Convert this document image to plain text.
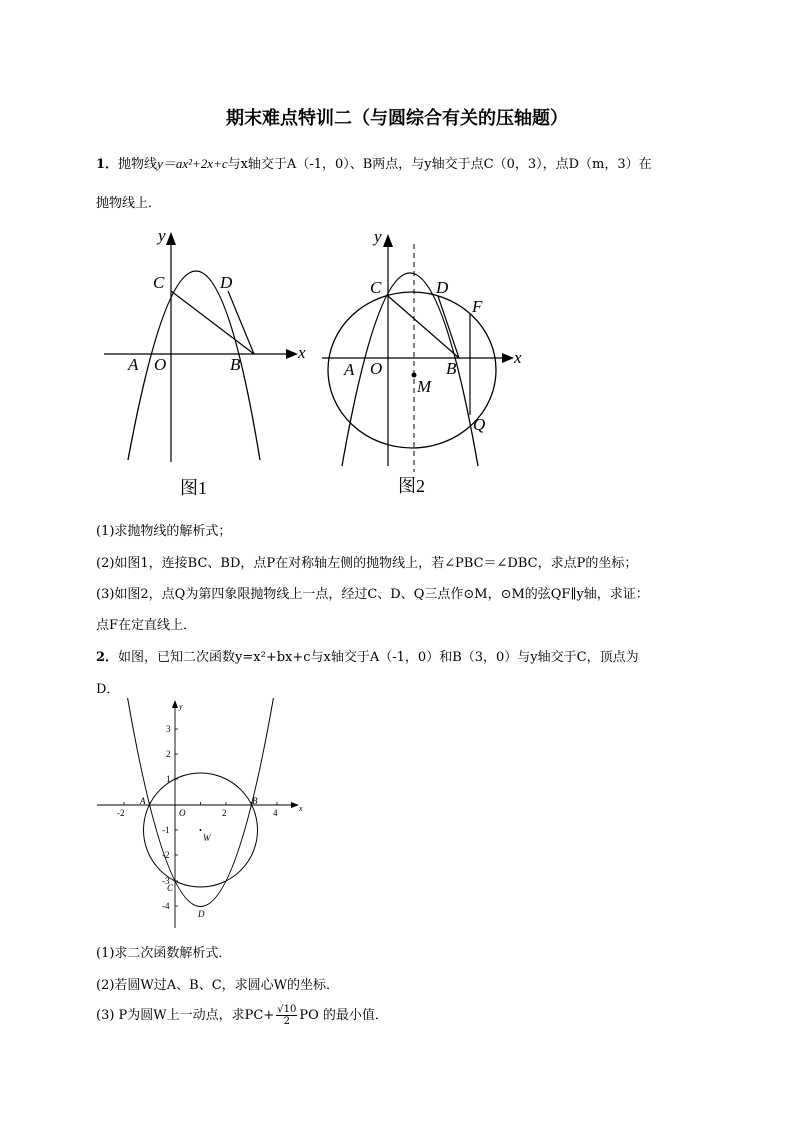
期末难点特训二（与圆综合有关的压轴题）
1．抛物线y＝ax²+2x+c与x轴交于A（-1，0）、B两点，与y轴交于点C（0，3），点D（m，3）在
抛物线上．
y
x
C	D
A O	B
图1
y
x
C	D
F
A O	B
M
Q
图2
(1)求抛物线的解析式；
(2)如图1，连接BC、BD，点P在对称轴左侧的抛物线上，若∠PBC＝∠DBC，求点P的坐标；
(3)如图2，点Q为第四象限抛物线上一点，经过C、D、Q三点作⊙M，⊙M的弦QF∥y轴，求证：
点F在定直线上．
2．如图，已知二次函数y=x²+bx+c与x轴交于A（-1，0）和B（3，0）与y轴交于C，顶点为
D．
x
y
O
A	B
C
D
W
-2	2	4
3
2
1
-1
-2
-3
-4
(1)求二次函数解析式．
(2)若圆W过A、B、C，求圆心W的坐标．
(3) P为圆W上一动点，求$PC+ \frac{√10}{2}$ PO 的最小值．
